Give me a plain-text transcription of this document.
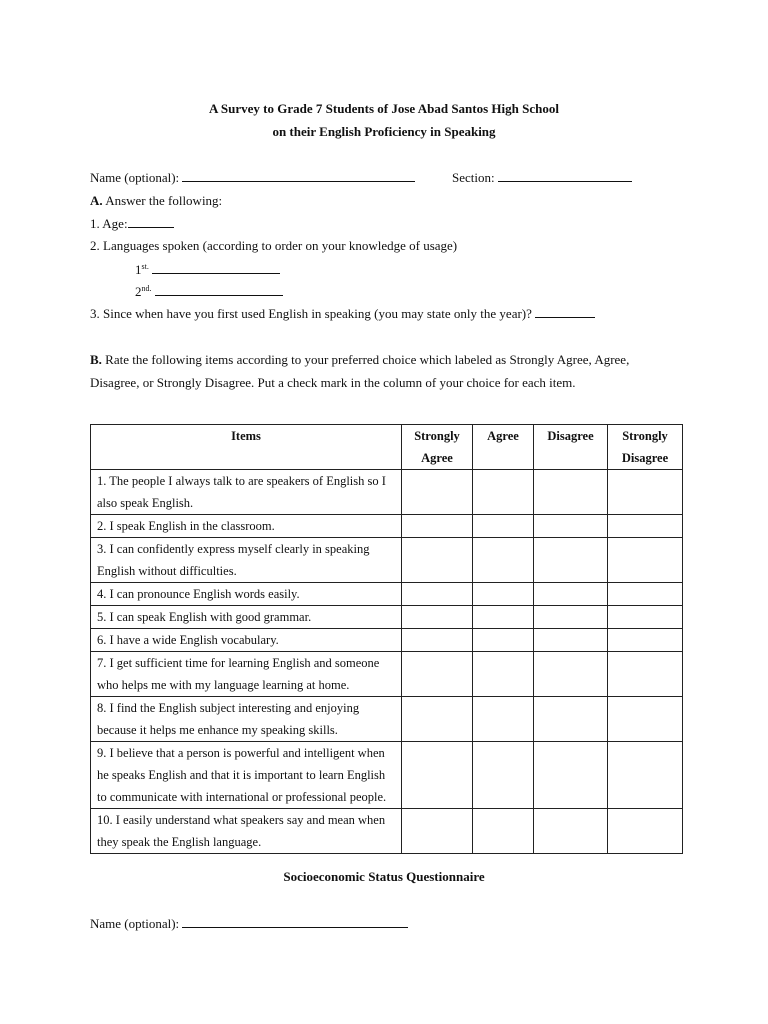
A Survey to Grade 7 Students of Jose Abad Santos High School
on their English Proficiency in Speaking
Name (optional):	Section:
A. Answer the following:
1. Age:
2. Languages spoken (according to order on your knowledge of usage)
$1^{st.}$
$2^{nd.}$
3. Since when have you first used English in speaking (you may state only the year)?
B. Rate the following items according to your preferred choice which labeled as Strongly Agree, Agree, Disagree, or Strongly Disagree. Put a check mark in the column of your choice for each item.
Items	Strongly Agree	Agree	Disagree	Strongly Disagree
1. The people I always talk to are speakers of English so I also speak English.				
2. I speak English in the classroom.				
3. I can confidently express myself clearly in speaking English without difficulties.				
4. I can pronounce English words easily.				
5. I can speak English with good grammar.				
6. I have a wide English vocabulary.				
7. I get sufficient time for learning English and someone who helps me with my language learning at home.				
8. I find the English subject interesting and enjoying because it helps me enhance my speaking skills.				
9. I believe that a person is powerful and intelligent when he speaks English and that it is important to learn English to communicate with international or professional people.				
10. I easily understand what speakers say and mean when they speak the English language.				
Socioeconomic Status Questionnaire
Name (optional):
